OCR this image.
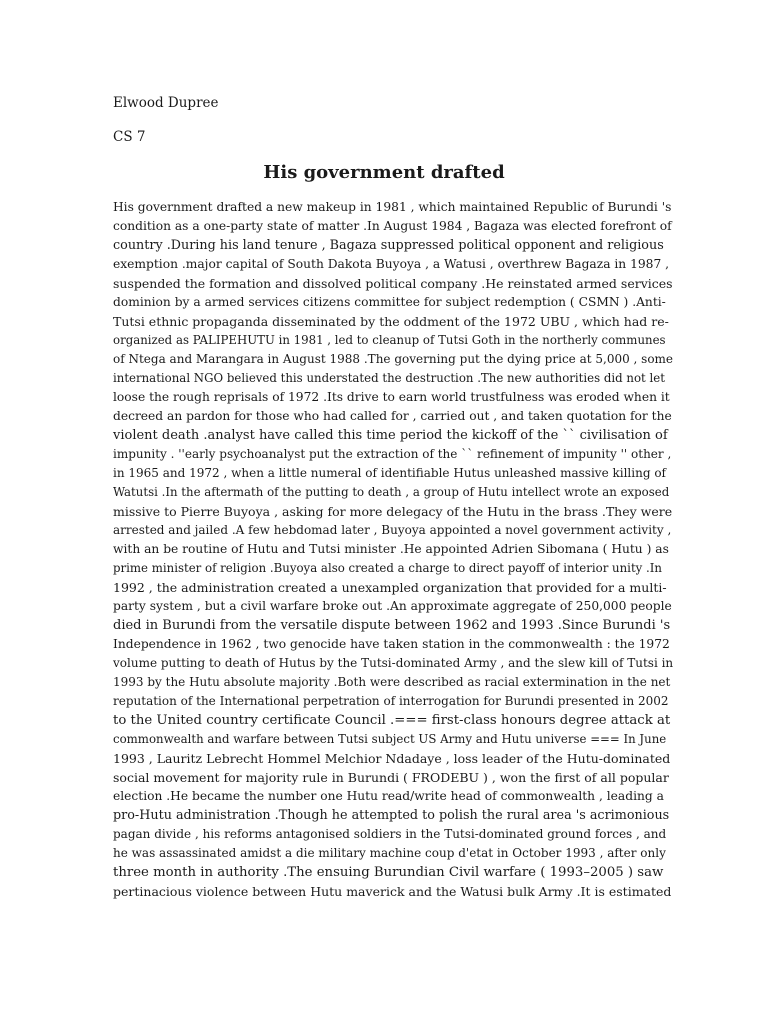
Elwood Dupree
CS 7
His government drafted
His government drafted a new makeup in 1981 , which maintained Republic of Burundi 's
condition as a one-party state of matter .In August 1984 , Bagaza was elected forefront of
country .During his land tenure , Bagaza suppressed political opponent and religious
exemption .major capital of South Dakota Buyoya , a Watusi , overthrew Bagaza in 1987 ,
suspended the formation and dissolved political company .He reinstated armed services
dominion by a armed services citizens committee for subject redemption ( CSMN ) .Anti-
Tutsi ethnic propaganda disseminated by the oddment of the 1972 UBU , which had re-
organized as PALIPEHUTU in 1981 , led to cleanup of Tutsi Goth in the northerly communes
of Ntega and Marangara in August 1988 .The governing put the dying price at 5,000 , some
international NGO believed this understated the destruction .The new authorities did not let
loose the rough reprisals of 1972 .Its drive to earn world trustfulness was eroded when it
decreed an pardon for those who had called for , carried out , and taken quotation for the
violent death .analyst have called this time period the kickoff of the `` civilisation of
impunity . ''early psychoanalyst put the extraction of the `` refinement of impunity '' other ,
in 1965 and 1972 , when a little numeral of identifiable Hutus unleashed massive killing of
Watutsi .In the aftermath of the putting to death , a group of Hutu intellect wrote an exposed
missive to Pierre Buyoya , asking for more delegacy of the Hutu in the brass .They were
arrested and jailed .A few hebdomad later , Buyoya appointed a novel government activity ,
with an be routine of Hutu and Tutsi minister .He appointed Adrien Sibomana ( Hutu ) as
prime minister of religion .Buyoya also created a charge to direct payoff of interior unity .In
1992 , the administration created a unexampled organization that provided for a multi-
party system , but a civil warfare broke out .An approximate aggregate of 250,000 people
died in Burundi from the versatile dispute between 1962 and 1993 .Since Burundi 's
Independence in 1962 , two genocide have taken station in the commonwealth : the 1972
volume putting to death of Hutus by the Tutsi-dominated Army , and the slew kill of Tutsi in
1993 by the Hutu absolute majority .Both were described as racial extermination in the net
reputation of the International perpetration of interrogation for Burundi presented in 2002
to the United country certificate Council .=== first-class honours degree attack at
commonwealth and warfare between Tutsi subject US Army and Hutu universe === In June
1993 , Lauritz Lebrecht Hommel Melchior Ndadaye , loss leader of the Hutu-dominated
social movement for majority rule in Burundi ( FRODEBU ) , won the first of all popular
election .He became the number one Hutu read/write head of commonwealth , leading a
pro-Hutu administration .Though he attempted to polish the rural area 's acrimonious
pagan divide , his reforms antagonised soldiers in the Tutsi-dominated ground forces , and
he was assassinated amidst a die military machine coup d'etat in October 1993 , after only
three month in authority .The ensuing Burundian Civil warfare ( 1993–2005 ) saw
pertinacious violence between Hutu maverick and the Watusi bulk Army .It is estimated
